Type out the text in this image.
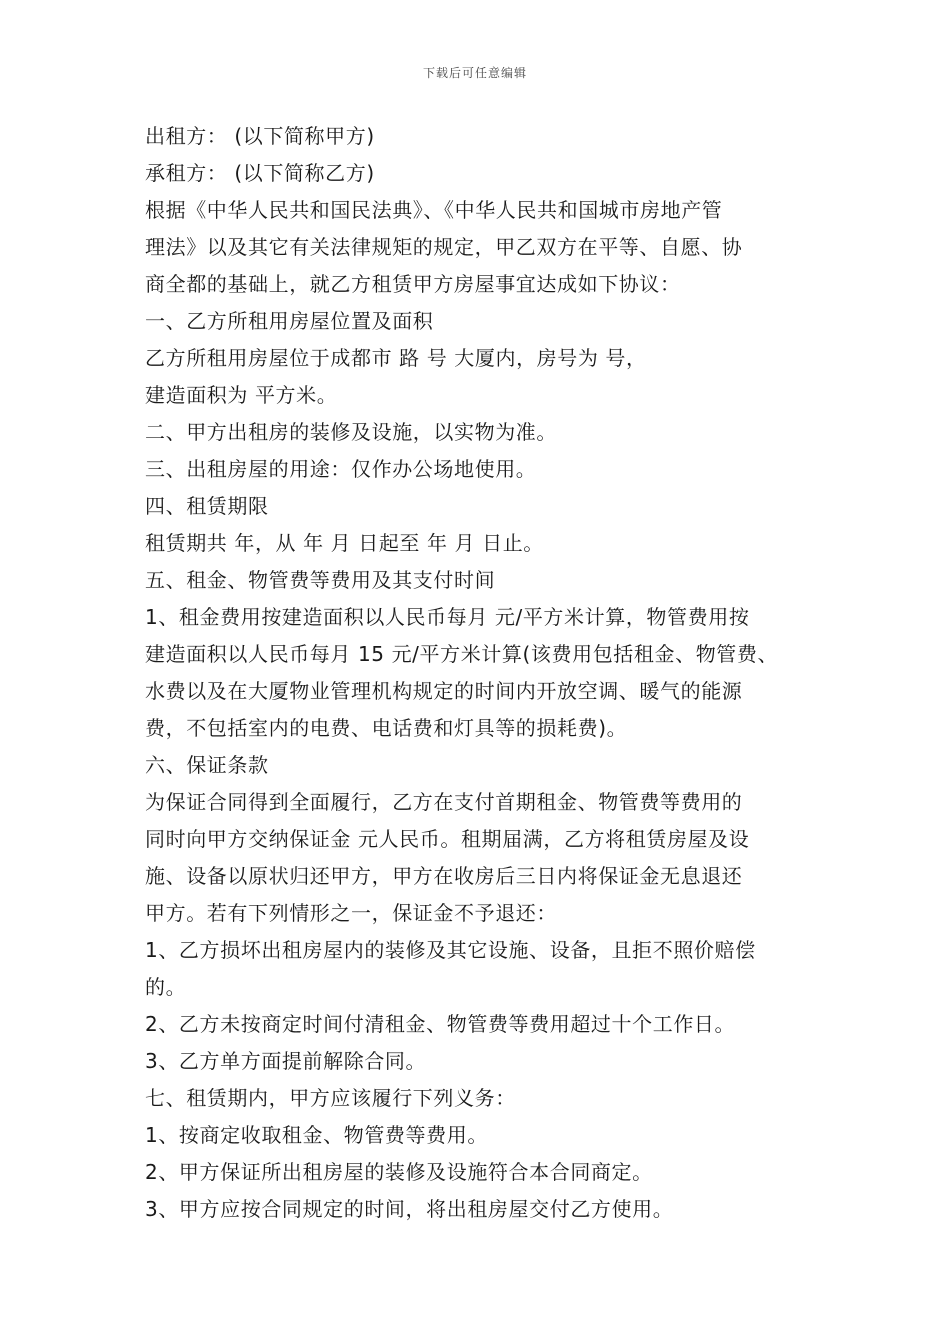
下载后可任意编辑
出租方： (以下简称甲方)
承租方： (以下简称乙方)
根据《中华人民共和国民法典》、《中华人民共和国城市房地产管
理法》以及其它有关法律规矩的规定，甲乙双方在平等、自愿、协
商全都的基础上，就乙方租赁甲方房屋事宜达成如下协议：
一、乙方所租用房屋位置及面积
乙方所租用房屋位于成都市 路 号 大厦内，房号为 号，
建造面积为 平方米。
二、甲方出租房的装修及设施，以实物为准。
三、出租房屋的用途：仅作办公场地使用。
四、租赁期限
租赁期共 年，从 年 月 日起至 年 月 日止。
五、租金、物管费等费用及其支付时间
1、租金费用按建造面积以人民币每月 元/平方米计算，物管费用按
建造面积以人民币每月 15 元/平方米计算(该费用包括租金、物管费、
水费以及在大厦物业管理机构规定的时间内开放空调、暖气的能源
费，不包括室内的电费、电话费和灯具等的损耗费)。
六、保证条款
为保证合同得到全面履行，乙方在支付首期租金、物管费等费用的
同时向甲方交纳保证金 元人民币。租期届满，乙方将租赁房屋及设
施、设备以原状归还甲方，甲方在收房后三日内将保证金无息退还
甲方。若有下列情形之一，保证金不予退还：
1、乙方损坏出租房屋内的装修及其它设施、设备，且拒不照价赔偿
的。
2、乙方未按商定时间付清租金、物管费等费用超过十个工作日。
3、乙方单方面提前解除合同。
七、租赁期内，甲方应该履行下列义务：
1、按商定收取租金、物管费等费用。
2、甲方保证所出租房屋的装修及设施符合本合同商定。
3、甲方应按合同规定的时间，将出租房屋交付乙方使用。
